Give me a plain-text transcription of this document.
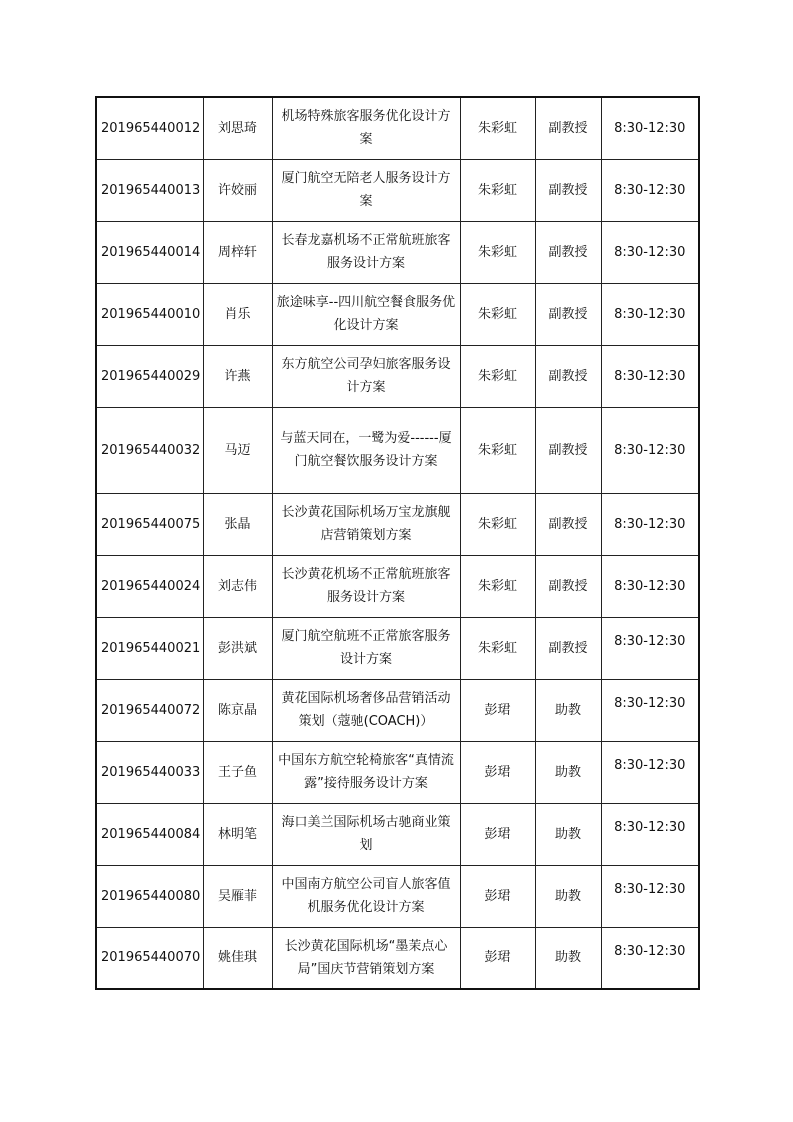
201965440012	刘思琦	机场特殊旅客服务优化设计方案	朱彩虹	副教授	8:30-12:30
201965440013	许姣丽	厦门航空无陪老人服务设计方案	朱彩虹	副教授	8:30-12:30
201965440014	周梓轩	长春龙嘉机场不正常航班旅客服务设计方案	朱彩虹	副教授	8:30-12:30
201965440010	肖乐	旅途味享--四川航空餐食服务优化设计方案	朱彩虹	副教授	8:30-12:30
201965440029	许燕	东方航空公司孕妇旅客服务设计方案	朱彩虹	副教授	8:30-12:30
201965440032	马迈	与蓝天同在，一鹭为爱------厦门航空餐饮服务设计方案	朱彩虹	副教授	8:30-12:30
201965440075	张晶	长沙黄花国际机场万宝龙旗舰店营销策划方案	朱彩虹	副教授	8:30-12:30
201965440024	刘志伟	长沙黄花机场不正常航班旅客服务设计方案	朱彩虹	副教授	8:30-12:30
201965440021	彭洪斌	厦门航空航班不正常旅客服务设计方案	朱彩虹	副教授	8:30-12:30
201965440072	陈京晶	黄花国际机场奢侈品营销活动策划（蔻驰(COACH)）	彭珺	助教	8:30-12:30
201965440033	王子鱼	中国东方航空轮椅旅客“真情流露”接待服务设计方案	彭珺	助教	8:30-12:30
201965440084	林明笔	海口美兰国际机场古驰商业策划	彭珺	助教	8:30-12:30
201965440080	吴雁菲	中国南方航空公司盲人旅客值机服务优化设计方案	彭珺	助教	8:30-12:30
201965440070	姚佳琪	长沙黄花国际机场“墨茉点心局”国庆节营销策划方案	彭珺	助教	8:30-12:30
